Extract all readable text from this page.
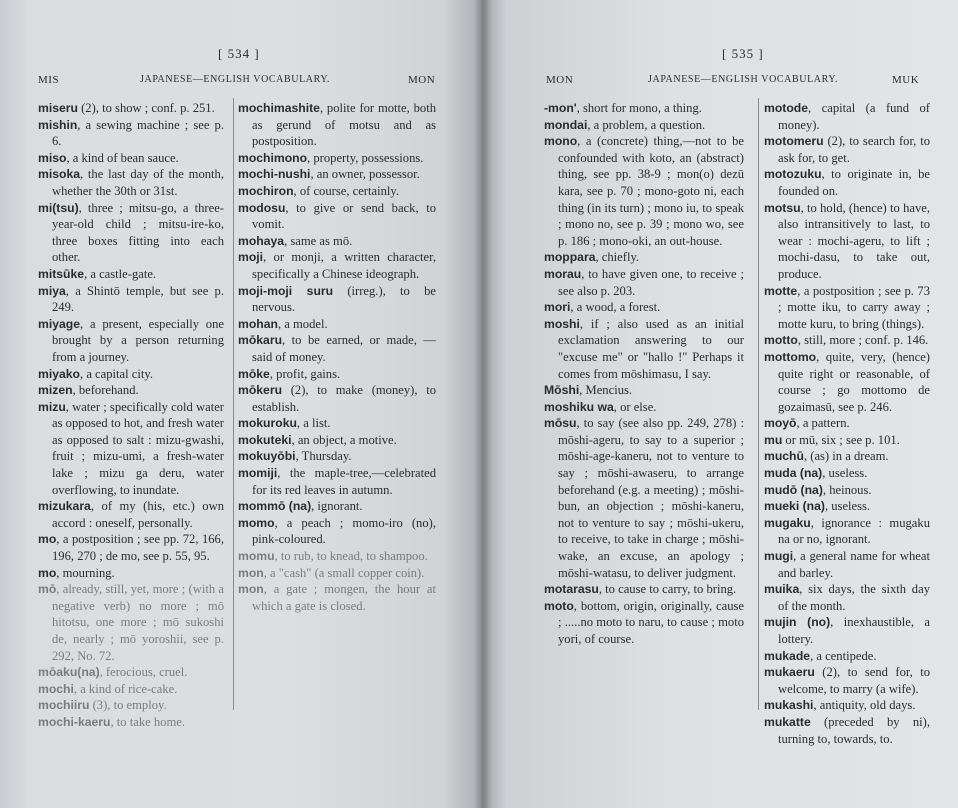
[ 534 ]
MIS	JAPANESE—ENGLISH VOCABULARY.	MON
miseru (2), to show ; conf. p. 251.
mishin, a sewing machine ; see p. 6.
miso, a kind of bean sauce.
misoka, the last day of the month, whether the 30th or 31st.
mi(tsu), three ; mitsu-go, a three-year-old child ; mitsu-ire-ko, three boxes fitting into each other.
mitsūke, a castle-gate.
miya, a Shintō temple, but see p. 249.
miyage, a present, especially one brought by a person returning from a journey.
miyako, a capital city.
mizen, beforehand.
mizu, water ; specifically cold water as opposed to hot, and fresh water as opposed to salt : mizu-gwashi, fruit ; mizu-umi, a fresh-water lake ; mizu ga deru, water overflowing, to inundate.
mizukara, of my (his, etc.) own accord : oneself, personally.
mo, a postposition ; see pp. 72, 166, 196, 270 ; de mo, see p. 55, 95.
mo, mourning.
mō, already, still, yet, more ; (with a negative verb) no more ; mō hitotsu, one more ; mō sukoshi de, nearly ; mō yoroshii, see p. 292, No. 72.
mōaku(na), ferocious, cruel.
mochi, a kind of rice-cake.
mochiiru (3), to employ.
mochi-kaeru, to take home.
mochimashite, polite for motte, both as gerund of motsu and as postposition.
mochimono, property, possessions.
mochi-nushi, an owner, possessor.
mochiron, of course, certainly.
modosu, to give or send back, to vomit.
mohaya, same as mō.
moji, or monji, a written character, specifically a Chinese ideograph.
moji-moji suru (irreg.), to be nervous.
mohan, a model.
mōkaru, to be earned, or made, —said of money.
mōke, profit, gains.
mōkeru (2), to make (money), to establish.
mokuroku, a list.
mokuteki, an object, a motive.
mokuyōbi, Thursday.
momiji, the maple-tree,—celebrated for its red leaves in autumn.
mommō (na), ignorant.
momo, a peach ; momo-iro (no), pink-coloured.
momu, to rub, to knead, to shampoo.
mon, a "cash" (a small copper coin).
mon, a gate ; mongen, the hour at which a gate is closed.
[ 535 ]
MON	JAPANESE—ENGLISH VOCABULARY.	MUK
-mon', short for mono, a thing.
mondai, a problem, a question.
mono, a (concrete) thing,—not to be confounded with koto, an (abstract) thing, see pp. 38-9 ; mon(o) dezū kara, see p. 70 ; mono-goto ni, each thing (in its turn) ; mono iu, to speak ; mono no, see p. 39 ; mono wo, see p. 186 ; mono-oki, an out-house.
moppara, chiefly.
morau, to have given one, to receive ; see also p. 203.
mori, a wood, a forest.
moshi, if ; also used as an initial exclamation answering to our "excuse me" or "hallo !" Perhaps it comes from mōshimasu, I say.
Mōshi, Mencius.
moshiku wa, or else.
mōsu, to say (see also pp. 249, 278) : mōshi-ageru, to say to a superior ; mōshi-age-kaneru, not to venture to say ; mōshi-awaseru, to arrange beforehand (e.g. a meeting) ; mōshi-bun, an objection ; mōshi-kaneru, not to venture to say ; mōshi-ukeru, to receive, to take in charge ; mōshi-wake, an excuse, an apology ; mōshi-watasu, to deliver judgment.
motarasu, to cause to carry, to bring.
moto, bottom, origin, originally, cause ; .....no moto to naru, to cause ; moto yori, of course.
motode, capital (a fund of money).
motomeru (2), to search for, to ask for, to get.
motozuku, to originate in, be founded on.
motsu, to hold, (hence) to have, also intransitively to last, to wear : mochi-ageru, to lift ; mochi-dasu, to take out, produce.
motte, a postposition ; see p. 73 ; motte iku, to carry away ; motte kuru, to bring (things).
motto, still, more ; conf. p. 146.
mottomo, quite, very, (hence) quite right or reasonable, of course ; go mottomo de gozaimasū, see p. 246.
moyō, a pattern.
mu or mū, six ; see p. 101.
muchū, (as) in a dream.
muda (na), useless.
mudō (na), heinous.
mueki (na), useless.
mugaku, ignorance : mugaku na or no, ignorant.
mugi, a general name for wheat and barley.
muika, six days, the sixth day of the month.
mujin (no), inexhaustible, a lottery.
mukade, a centipede.
mukaeru (2), to send for, to welcome, to marry (a wife).
mukashi, antiquity, old days.
mukatte (preceded by ni), turning to, towards, to.
